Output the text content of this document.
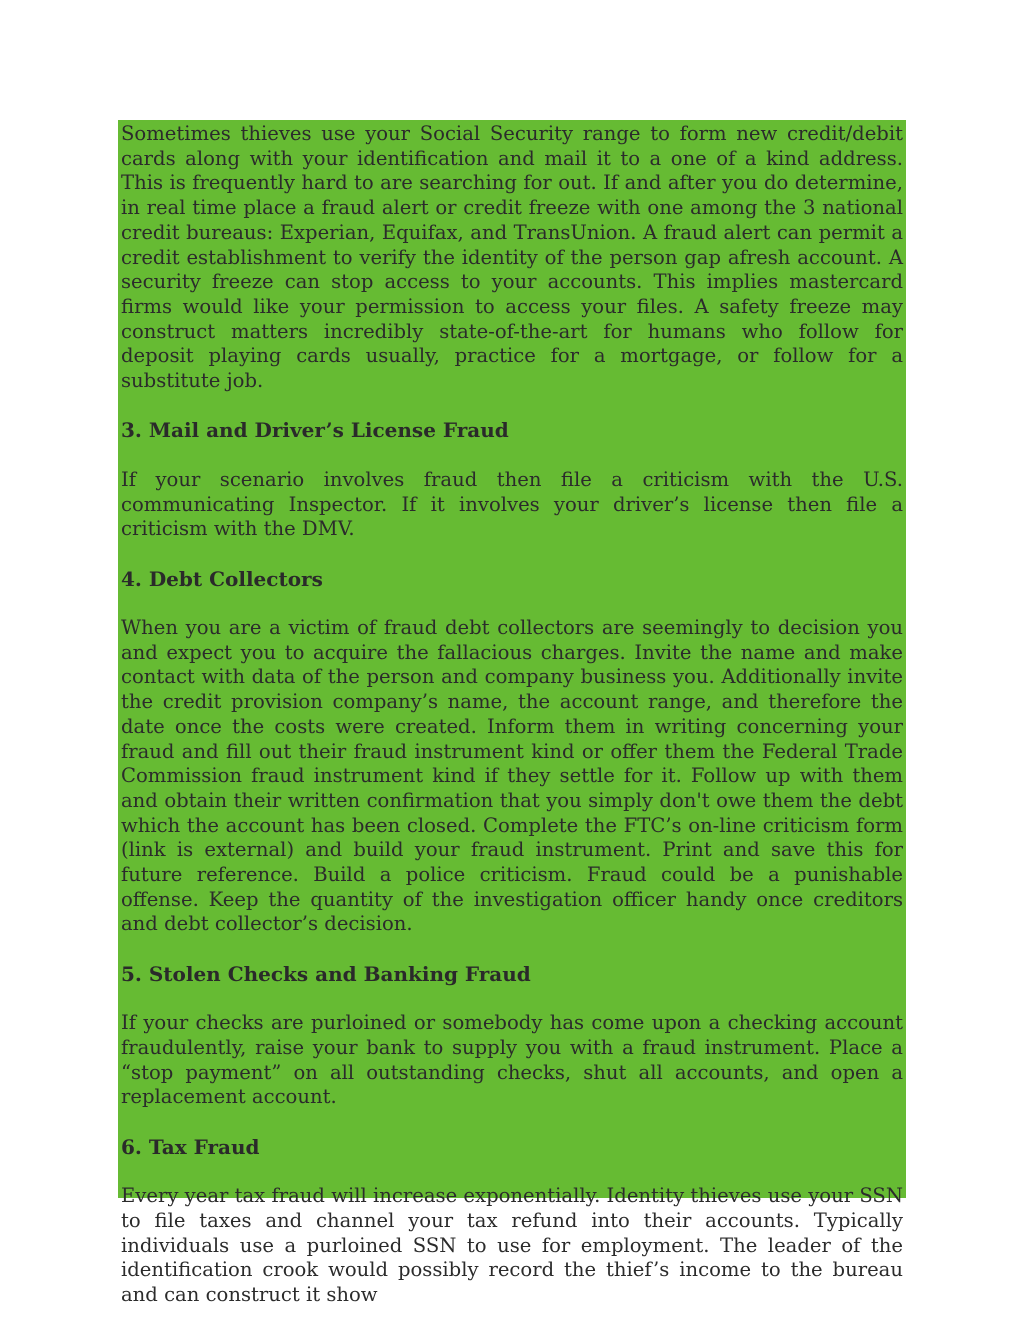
Sometimes thieves use your Social Security range to form new credit/debit cards along with your identification and mail it to a one of a kind address. This is frequently hard to are searching for out. If and after you do determine, in real time place a fraud alert or credit freeze with one among the 3 national credit bureaus: Experian, Equifax, and TransUnion. A fraud alert can permit a credit establishment to verify the identity of the person gap afresh account. A security freeze can stop access to your accounts. This implies mastercard firms would like your permission to access your files. A safety freeze may construct matters incredibly state-of-the-art for humans who follow for deposit playing cards usually, practice for a mortgage, or follow for a substitute job.

3. Mail and Driver’s License Fraud

If your scenario involves fraud then file a criticism with the U.S. communicating Inspector. If it involves your driver’s license then file a criticism with the DMV.

4. Debt Collectors

When you are a victim of fraud debt collectors are seemingly to decision you and expect you to acquire the fallacious charges. Invite the name and make contact with data of the person and company business you. Additionally invite the credit provision company’s name, the account range, and therefore the date once the costs were created. Inform them in writing concerning your fraud and fill out their fraud instrument kind or offer them the Federal Trade Commission fraud instrument kind if they settle for it. Follow up with them and obtain their written confirmation that you simply don't owe them the debt which the account has been closed. Complete the FTC’s on-line criticism form (link is external) and build your fraud instrument. Print and save this for future reference. Build a police criticism. Fraud could be a punishable offense. Keep the quantity of the investigation officer handy once creditors and debt collector’s decision.

5. Stolen Checks and Banking Fraud

If your checks are purloined or somebody has come upon a checking account fraudulently, raise your bank to supply you with a fraud instrument. Place a “stop payment” on all outstanding checks, shut all accounts, and open a replacement account.

6. Tax Fraud

Every year tax fraud will increase exponentially. Identity thieves use your SSN to file taxes and channel your tax refund into their accounts. Typically individuals use a purloined SSN to use for employment. The leader of the identification crook would possibly record the thief’s income to the bureau and can construct it show
